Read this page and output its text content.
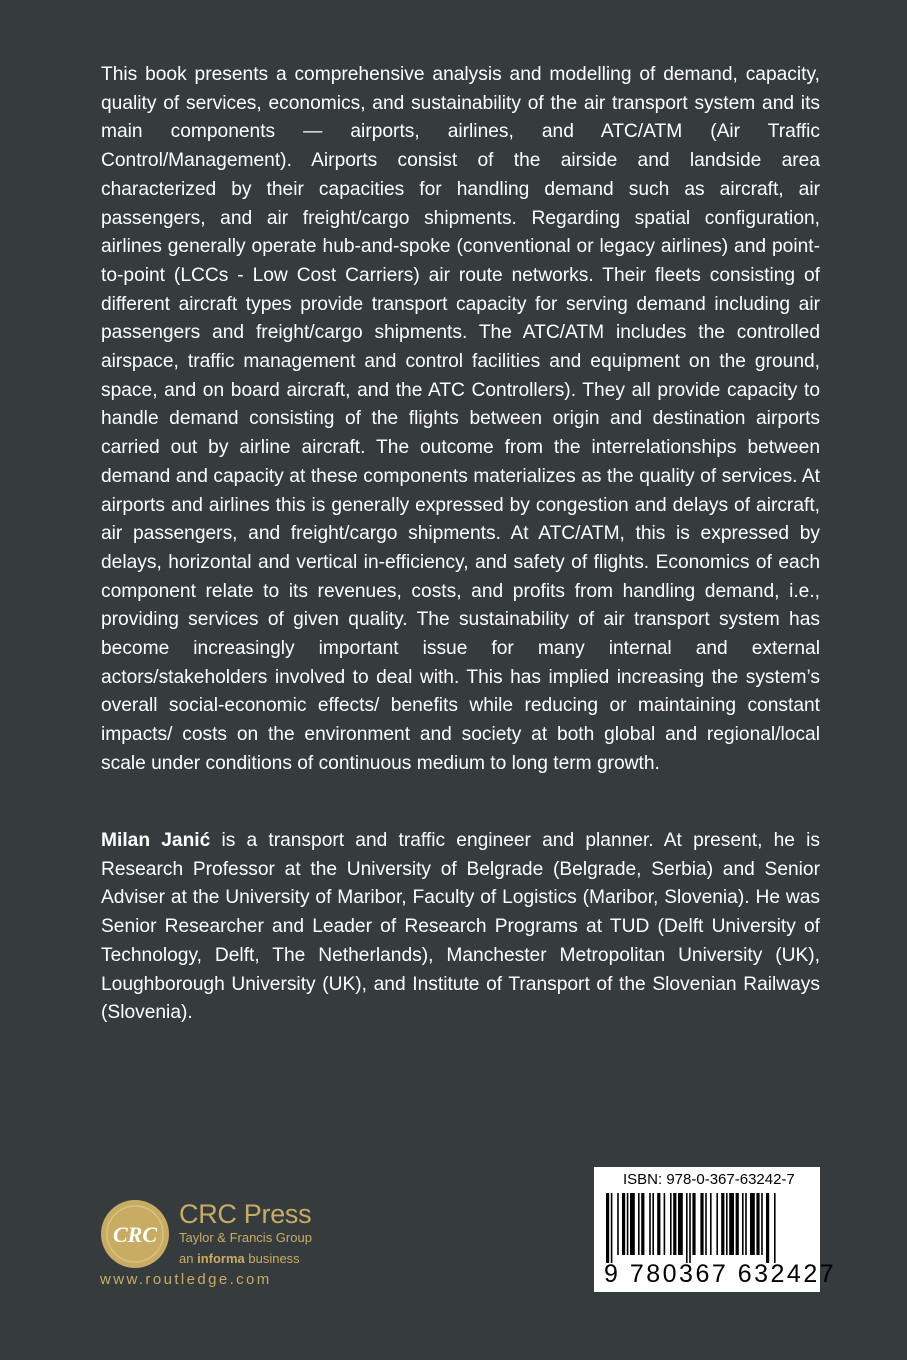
This book presents a comprehensive analysis and modelling of demand, capacity, quality of services, economics, and sustainability of the air transport system and its main components — airports, airlines, and ATC/ATM (Air Traffic Control/Management). Airports consist of the airside and landside area characterized by their capacities for handling demand such as aircraft, air passengers, and air freight/cargo shipments. Regarding spatial configuration, airlines generally operate hub-and-spoke (conventional or legacy airlines) and point-to-point (LCCs - Low Cost Carriers) air route networks. Their fleets consisting of different aircraft types provide transport capacity for serving demand including air passengers and freight/cargo shipments. The ATC/ATM includes the controlled airspace, traffic management and control facilities and equipment on the ground, space, and on board aircraft, and the ATC Controllers). They all provide capacity to handle demand consisting of the flights between origin and destination airports carried out by airline aircraft. The outcome from the interrelationships between demand and capacity at these components materializes as the quality of services. At airports and airlines this is generally expressed by congestion and delays of aircraft, air passengers, and freight/cargo shipments. At ATC/ATM, this is expressed by delays, horizontal and vertical in-efficiency, and safety of flights. Economics of each component relate to its revenues, costs, and profits from handling demand, i.e., providing services of given quality. The sustainability of air transport system has become increasingly important issue for many internal and external actors/stakeholders involved to deal with. This has implied increasing the system’s overall social-economic effects/ benefits while reducing or maintaining constant impacts/ costs on the environment and society at both global and regional/local scale under conditions of continuous medium to long term growth.

Milan Janić is a transport and traffic engineer and planner. At present, he is Research Professor at the University of Belgrade (Belgrade, Serbia) and Senior Adviser at the University of Maribor, Faculty of Logistics (Maribor, Slovenia). He was Senior Researcher and Leader of Research Programs at TUD (Delft University of Technology, Delft, The Netherlands), Manchester Metropolitan University (UK), Loughborough University (UK), and Institute of Transport of the Slovenian Railways (Slovenia).

CRC
CRC Press
Taylor & Francis Group
an informa business
www.routledge.com
ISBN: 978-0-367-63242-7
9 780367 632427
